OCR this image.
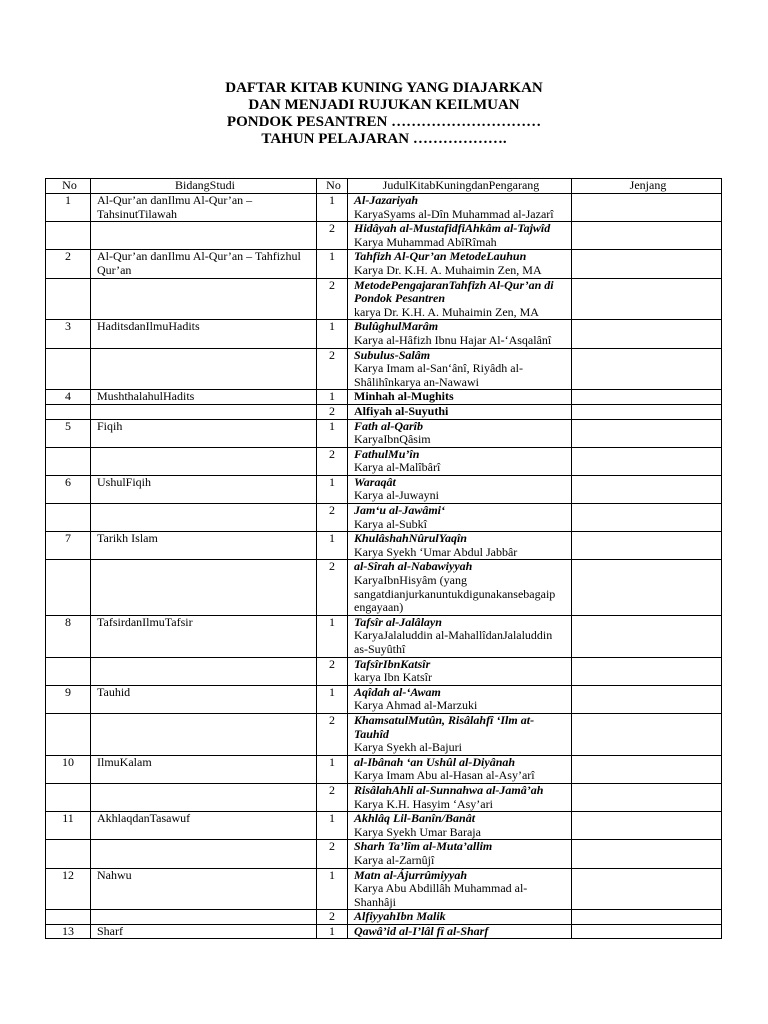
DAFTAR KITAB KUNING YANG DIAJARKAN
DAN MENJADI RUJUKAN KEILMUAN
PONDOK PESANTREN …………………………
TAHUN PELAJARAN ……………….
No	BidangStudi	No	JudulKitabKuningdanPengarang	Jenjang
1	Al-Qur’an danIlmu Al-Qur’an – TahsinutTilawah	1	Al-Jazariyah
KaryaSyams al-Dîn Muhammad al-Jazarî	

		2	Hidâyah al-MustafidfiAhkâm al-Tajwîd
Karya Muhammad AbîRîmah	

2	Al-Qur’an danIlmu Al-Qur’an – Tahfizhul Qur’an	1	Tahfizh Al-Qur’an MetodeLauhun
Karya Dr. K.H. A. Muhaimin Zen, MA	

		2	MetodePengajaranTahfizh Al-Qur’an di Pondok Pesantren
karya Dr. K.H. A. Muhaimin Zen, MA	

3	HaditsdanIlmuHadits	1	BulûghulMarâm
Karya al-Hâfizh Ibnu Hajar Al-‘Asqalânî	

		2	Subulus-Salâm
Karya Imam al-San‘ânî, Riyâdh al-Shâlihînkarya an-Nawawi	

4	MushthalahulHadits	1	Minhah al-Mughits	

		2	Alfiyah al-Suyuthi	

5	Fiqih	1	Fath al-Qarîb
KaryaIbnQâsim	

		2	FathulMu’în
Karya al-Malîbârî	

6	UshulFiqih	1	Waraqât
Karya al-Juwayni	

		2	Jam‘u al-Jawâmi‘
Karya al-Subkî	

7	Tarikh Islam	1	KhulâshahNûrulYaqîn
Karya Syekh ‘Umar Abdul Jabbâr	

		2	al-Sîrah al-Nabawiyyah
KaryaIbnHisyâm (yang sangatdianjurkanuntukdigunakansebagaip engayaan)	

8	TafsirdanIlmuTafsir	1	Tafsîr al-Jalâlayn
KaryaJalaluddin al-MahallîdanJalaluddin as-Suyûthî	

		2	TafsîrIbnKatsîr
karya Ibn Katsîr	

9	Tauhid	1	Aqîdah al-‘Awam
Karya Ahmad al-Marzuki	

		2	KhamsatulMutûn, Risâlahfî ‘Ilm at-Tauhîd
Karya Syekh al-Bajuri	

10	IlmuKalam	1	al-Ibânah ‘an Ushûl al-Diyânah
Karya Imam Abu al-Hasan al-Asy’arî	

		2	RisâlahAhli al-Sunnahwa al-Jamâ’ah
Karya K.H. Hasyim ‘Asy’ari	

11	AkhlaqdanTasawuf	1	Akhlâq Lil-Banîn/Banât
Karya Syekh Umar Baraja	

		2	Sharh Ta’lîm al-Muta’allim
Karya al-Zarnûjî	

12	Nahwu	1	Matn al-Ájurrûmiyyah
Karya Abu Abdillâh Muhammad al-Shanhâji	

		2	AlfiyyahIbn Malik	

13	Sharf	1	Qawâ’id al-I’lâl fî al-Sharf	
